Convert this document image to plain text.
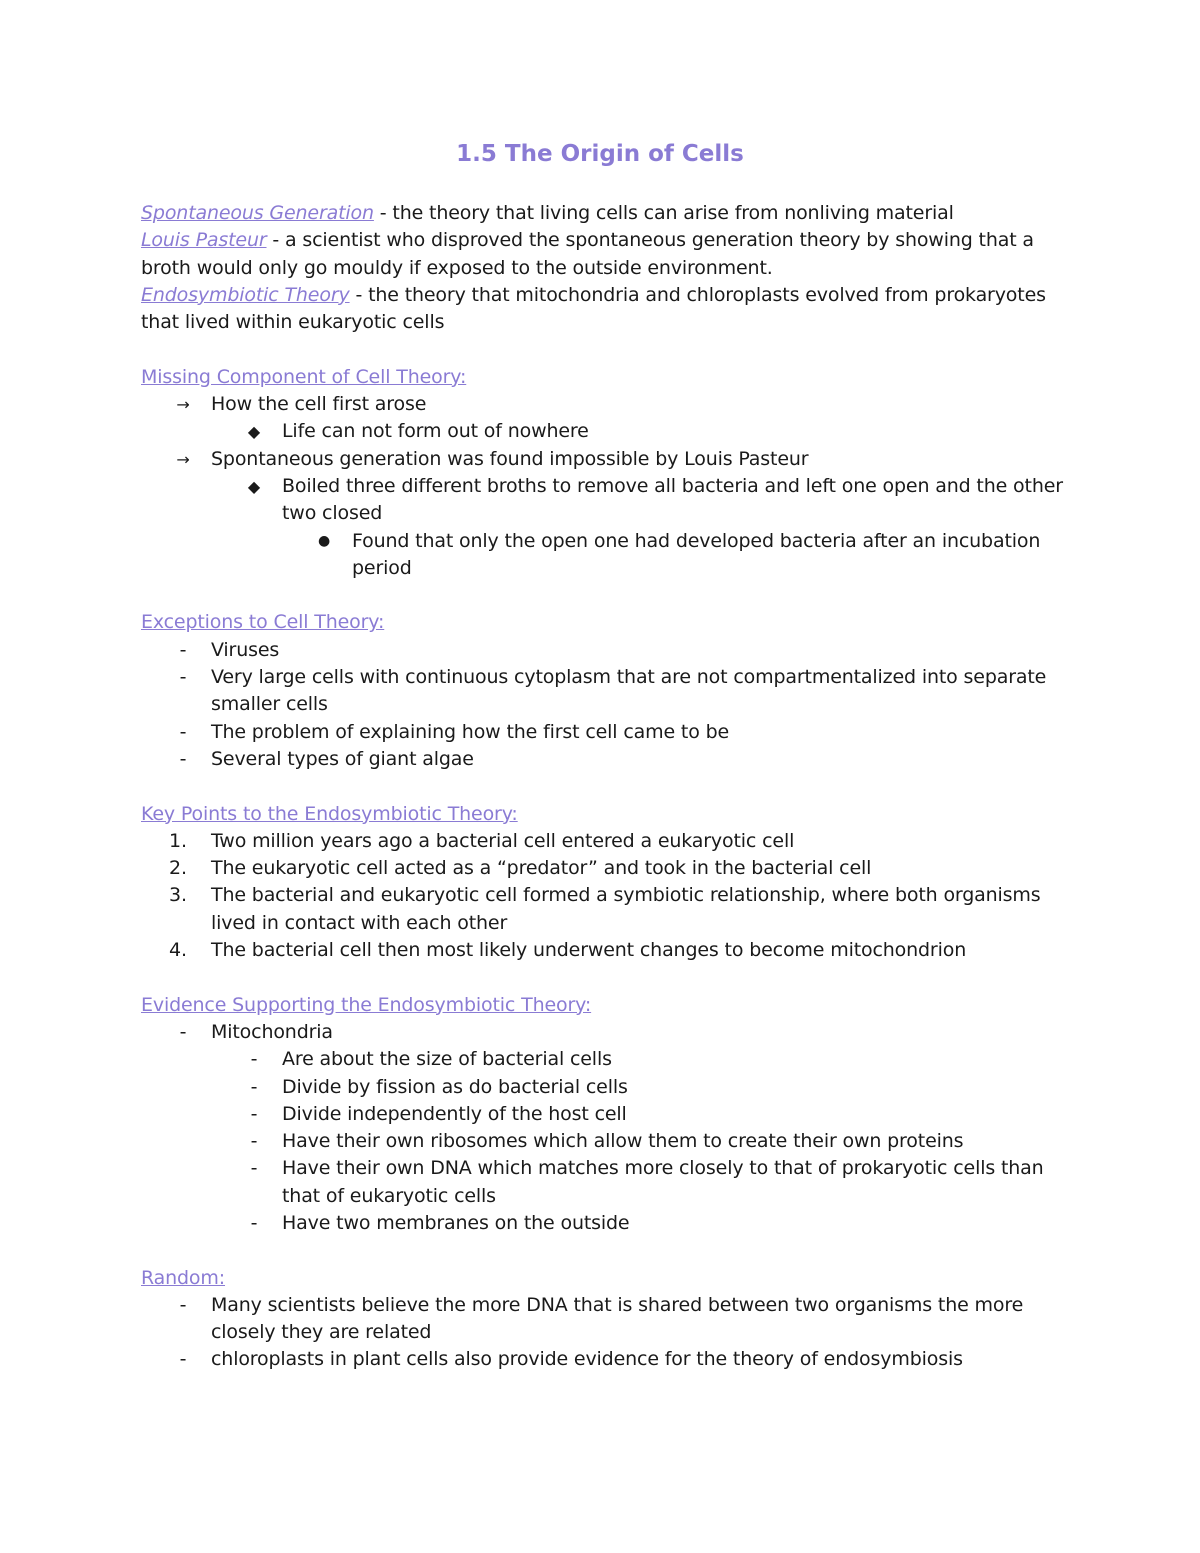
1.5 The Origin of Cells
Spontaneous Generation - the theory that living cells can arise from nonliving material
Louis Pasteur - a scientist who disproved the spontaneous generation theory by showing that a broth would only go mouldy if exposed to the outside environment.
Endosymbiotic Theory - the theory that mitochondria and chloroplasts evolved from prokaryotes that lived within eukaryotic cells
Missing Component of Cell Theory:
→	How the cell first arose
◆	Life can not form out of nowhere
→	Spontaneous generation was found impossible by Louis Pasteur
◆	Boiled three different broths to remove all bacteria and left one open and the other two closed
●	Found that only the open one had developed bacteria after an incubation period
Exceptions to Cell Theory:
-	Viruses
-	Very large cells with continuous cytoplasm that are not compartmentalized into separate smaller cells
-	The problem of explaining how the first cell came to be
-	Several types of giant algae
Key Points to the Endosymbiotic Theory:
1.	Two million years ago a bacterial cell entered a eukaryotic cell
2.	The eukaryotic cell acted as a “predator” and took in the bacterial cell
3.	The bacterial and eukaryotic cell formed a symbiotic relationship, where both organisms lived in contact with each other
4.	The bacterial cell then most likely underwent changes to become mitochondrion
Evidence Supporting the Endosymbiotic Theory:
-	Mitochondria
-	Are about the size of bacterial cells
-	Divide by fission as do bacterial cells
-	Divide independently of the host cell
-	Have their own ribosomes which allow them to create their own proteins
-	Have their own DNA which matches more closely to that of prokaryotic cells than that of eukaryotic cells
-	Have two membranes on the outside
Random:
-	Many scientists believe the more DNA that is shared between two organisms the more closely they are related
-	chloroplasts in plant cells also provide evidence for the theory of endosymbiosis
